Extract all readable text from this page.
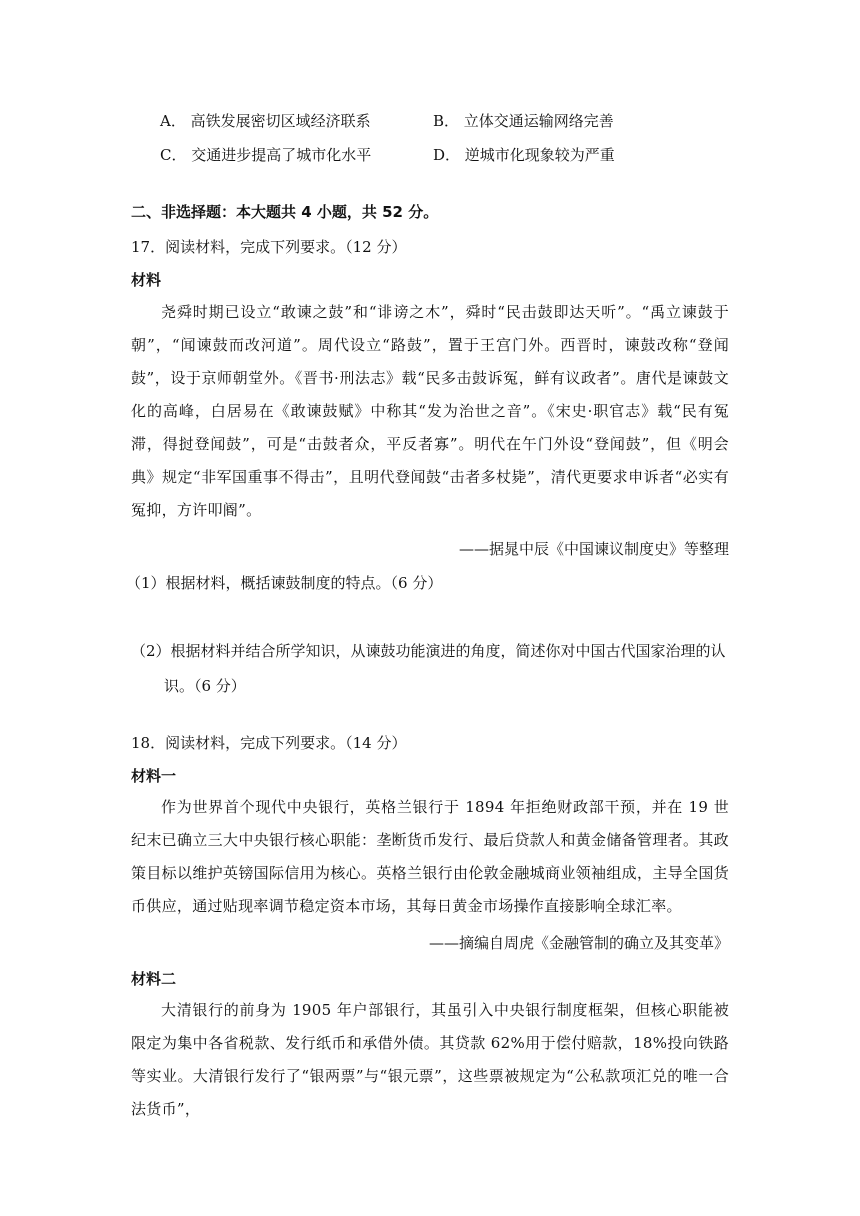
A． 高铁发展密切区域经济联系	B． 立体交通运输网络完善
C． 交通进步提高了城市化水平	D． 逆城市化现象较为严重
二、非选择题：本大题共 4 小题，共 52 分。
17．阅读材料，完成下列要求。（12 分）
材料
尧舜时期已设立“敢谏之鼓”和“诽谤之木”，舜时“民击鼓即达天听”。“禹立谏鼓于朝”，“闻谏鼓而改河道”。周代设立“路鼓”，置于王宫门外。西晋时，谏鼓改称“登闻鼓”，设于京师朝堂外。《晋书·刑法志》载“民多击鼓诉冤，鲜有议政者”。唐代是谏鼓文化的高峰，白居易在《敢谏鼓赋》中称其“发为治世之音”。《宋史·职官志》载“民有冤滞，得挝登闻鼓”，可是“击鼓者众，平反者寡”。明代在午门外设“登闻鼓”，但《明会典》规定“非军国重事不得击”，且明代登闻鼓“击者多杖毙”，清代更要求申诉者“必实有冤抑，方许叩阍”。
——据晁中辰《中国谏议制度史》等整理
（1）根据材料，概括谏鼓制度的特点。（6 分）
（2）根据材料并结合所学知识，从谏鼓功能演进的角度，简述你对中国古代国家治理的认
识。（6 分）
18．阅读材料，完成下列要求。（14 分）
材料一
作为世界首个现代中央银行，英格兰银行于 1894 年拒绝财政部干预，并在 19 世纪末已确立三大中央银行核心职能：垄断货币发行、最后贷款人和黄金储备管理者。其政策目标以维护英镑国际信用为核心。英格兰银行由伦敦金融城商业领袖组成，主导全国货币供应，通过贴现率调节稳定资本市场，其每日黄金市场操作直接影响全球汇率。
——摘编自周虎《金融管制的确立及其变革》
材料二
大清银行的前身为 1905 年户部银行，其虽引入中央银行制度框架，但核心职能被限定为集中各省税款、发行纸币和承借外债。其贷款 62%用于偿付赔款，18%投向铁路等实业。大清银行发行了“银两票”与“银元票”，这些票被规定为“公私款项汇兑的唯一合法货币”，
